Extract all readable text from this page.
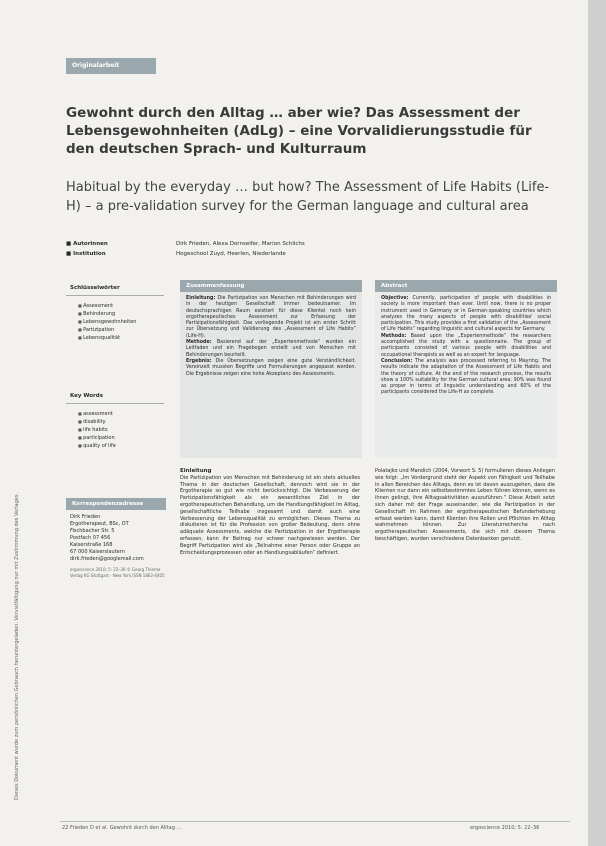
Dieses Dokument wurde zum persönlichen Gebrauch heruntergeladen. Vervielfältigung nur mit Zustimmung des Verlages.
Originalarbeit
Gewohnt durch den Alltag … aber wie? Das Assessment der Lebensgewohnheiten (AdLg) – eine Vorvalidierungsstudie für den deutschen Sprach- und Kulturraum
Habitual by the everyday … but how? The Assessment of Life Habits (Life-H) – a pre-validation survey for the German language and cultural area
■ Autorinnen	Dirk Frieden, Alexa Dornseifer, Marion Schlichs
■ Institution	Hogeschool Zuyd, Heerlen, Niederlande
Schlüsselwörter
■ Assessment
■ Behinderung
■ Lebensgewohnheiten
■ Partizipation
■ Lebensqualität
Key Words
■ assessment
■ disability
■ life habits
■ participation
■ quality of life
Zusammenfassung
Einleitung: Die Partizipation von Menschen mit Behinderungen wird in der heutigen Gesellschaft immer bedeutsamer. Im deutschsprachigen Raum existiert für diese Klientel noch kein ergotherapeutisches Assessment zur Erfassung der Partizipationsfähigkeit. Das vorliegende Projekt ist ein erster Schritt zur Übersetzung und Validierung des „Assessment of Life Habits“ (Life-H).
Methode: Basierend auf der „Expertenmethode“ wurden ein Leitfaden und ein Fragebogen erstellt und von Menschen mit Behinderungen beurteilt.
Ergebnis: Die Übersetzungen zeigen eine gute Verständlichkeit. Vereinzelt mussten Begriffe und Formulierungen angepasst werden. Die Ergebnisse zeigen eine hohe Akzeptanz des Assessments.
Abstract
Objective: Currently, participation of people with disabilities in society is more important than ever. Until now, there is no proper instrument used in Germany or in German-speaking countries which analyzes the many aspects of people with disabilities' social participation. This study provides a first validation of the „Assessment of Life Habits“ regarding linguistic and cultural aspects for Germany.
Methods: Based upon the „Expertenmethode“ the researchers accomplished the study with a questionnaire. The group of participants consisted of various people with disabilities and occupational therapists as well as an expert for language.
Conclusion: The analysis was processed referring to Mayring. The results indicate the adaptation of the Assessment of Life Habits and the theory of culture. At the end of the research process, the results show a 100% suitability for the German cultural area; 90% was found as proper in terms of linguistic understanding and 60% of the participants considered the Life-H as complete.
Einleitung

Die Partizipation von Menschen mit Behinderung ist ein stets aktuelles Thema in der deutschen Gesellschaft, dennoch wird sie in der Ergotherapie so gut wie nicht berücksichtigt. Die Verbesserung der Partizipationsfähigkeit als ein wesentliches Ziel in der ergotherapeutischen Behandlung, um die Handlungsfähigkeit im Alltag, gesellschaftliche Teilhabe insgesamt und damit auch eine Verbesserung der Lebensqualität zu ermöglichen. Dieses Thema zu diskutieren ist für die Profession von großer Bedeutung, denn ohne adäquate Assessments, welche die Partizipation in der Ergotherapie erfassen, kann ihr Beitrag nur schwer nachgewiesen werden. Der Begriff Partizipation wird als „Teilnahme einer Person oder Gruppe an Entscheidungsprozessen oder an Handlungsabläufen“ definiert.

Polatajko und Mandich (2004, Vorwort S. 5) formulieren dieses Anliegen wie folgt: „Im Vordergrund steht der Aspekt von Fähigkeit und Teilhabe in allen Bereichen des Alltags, denn es ist davon auszugehen, dass die Klienten nur dann ein selbstbestimmtes Leben führen können, wenn es ihnen gelingt, ihre Alltagsaktivitäten auszuführen.“ Diese Arbeit setzt sich daher mit der Frage auseinander, wie die Partizipation in der Gesellschaft im Rahmen der ergotherapeutischen Befunderhebung erfasst werden kann, damit Klienten ihre Rollen und Pflichten im Alltag wahrnehmen können. Zur Literaturrecherche nach ergotherapeutischen Assessments, die sich mit diesem Thema beschäftigen, wurden verschiedene Datenbanken genutzt.

Korrespondenzadresse
Dirk Frieden
Ergotherapeut, BSc, OT
Fischbacher Str. 5
Postfach 07 456
Kaiserstraße 168
67 000 Kaiserslautern
dirk.frieden@googlemail.com
ergoscience 2010; 5: 22–36 © Georg Thieme Verlag KG Stuttgart · New York ISSN 1862-4405
22 Frieden D et al. Gewohnt durch den Alltag …	ergoscience 2010; 5: 22–36
